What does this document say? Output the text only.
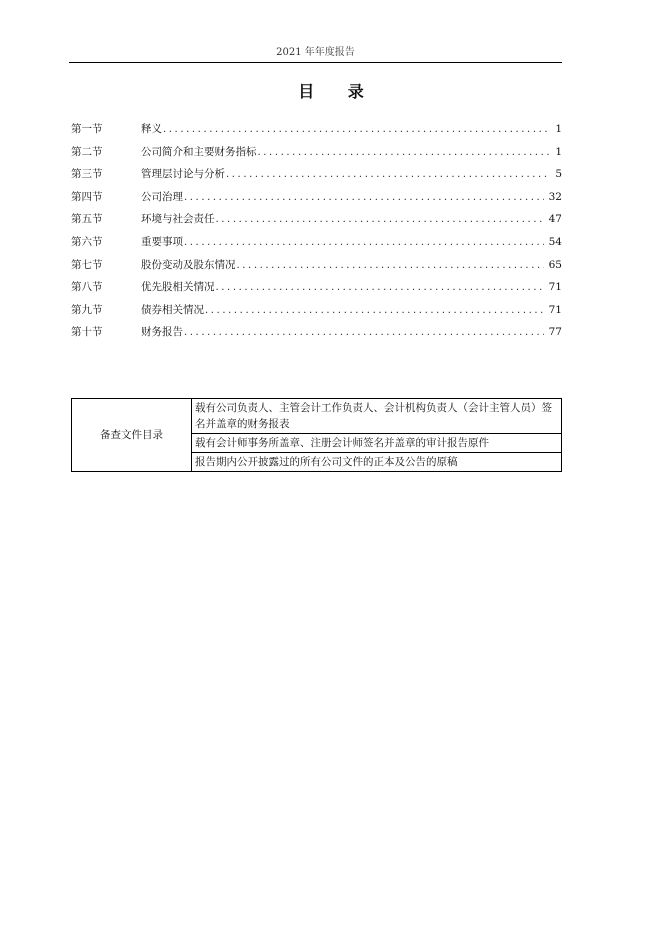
2021 年年度报告
目 录
第一节	释义 .....	1
第二节	公司简介和主要财务指标 .....	1
第三节	管理层讨论与分析 .....	5
第四节	公司治理 .....	32
第五节	环境与社会责任 .....	47
第六节	重要事项 .....	54
第七节	股份变动及股东情况 .....	65
第八节	优先股相关情况 .....	71
第九节	债券相关情况 .....	71
第十节	财务报告 .....	77
备查文件目录	载有公司负责人、主管会计工作负责人、会计机构负责人（会计主管人员）签名并盖章的财务报表
载有会计师事务所盖章、注册会计师签名并盖章的审计报告原件
报告期内公开披露过的所有公司文件的正本及公告的原稿
